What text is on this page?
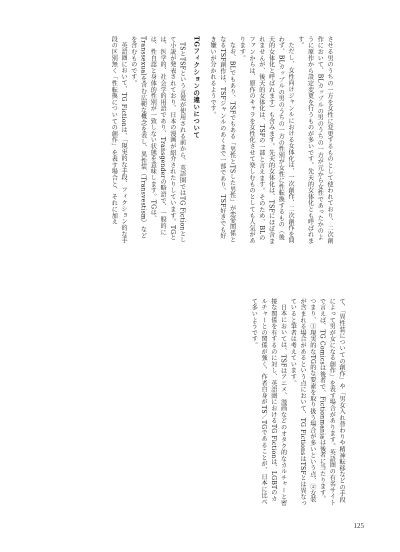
させる男のうちの一方を女性に変更するものとして使われており、二次創作において、BLカップルの男のうちの一方が元から女性であったかのように原作から設定変更を行うものが多いです。先天的女体化とも呼ばれます。

ただし、女性向けジャンルにおける女体化は、一次創作、二次創作を問わず、BLカップルの男のうちの一方の性別が女性に性転換するもの（後天的女体化と呼ばれます）も含みます。先天的女体化は、TSFにほぼ含まれませんが、後天的女体化は、TSFの一部と言えます。そのため、BLのファンからは、原作のキャラを女性化させて楽しむものとしても人気があります。

なお、BLでもあり、TSFでもある「男性とTSした男性」が恋愛関係となるTSF創作は、TSFジャンルのあくまで一部であり、TSF好きでも好き嫌いが分かれるようです。

TGフィクションの違いについて

TSとTSFという言葉が使用される前から、英語圏ではTG Fictionとして小説が発表されており、日本の漫画が紹介されたりしています。TGとは、医学的、社会学的用語であり、Transgenderの略語で、一般的には、性自認と身体的性別が一致しない状態を意味します。TGは、Transsexualを含む広範な概念を表し、異性装（Transvestism）などを含むものです。

英語圏において、TG Fictionは、「現実的な手段、フィクション的な手段の区別無く「性転換についての創作」を表す場合と、それに加え

て、「異性装についての創作」や「男女入れ替わりや精神転移などの手段によって男が女になる創作」を表す場合があります。英語圏の有名サイトで言えば、TG Comicsは後者で、Fictionmaniaは後者に当たります。つまり、①現実的なTG的な要素を取り扱う場合が多いという点、②女装が含まれる場合があるという点において、TG FictionsはTSFとは異なっていると筆者は考えています。

日本においては、TSFはアニメ、漫画などのオタク的なカルチャーと密接な関係を有するのに対し、英語圏におけるTG Fictionは、LGBTのカルチャーとの関係が強く、作者自身がTS／TGであることが、日本に比べて多いようです。

125
